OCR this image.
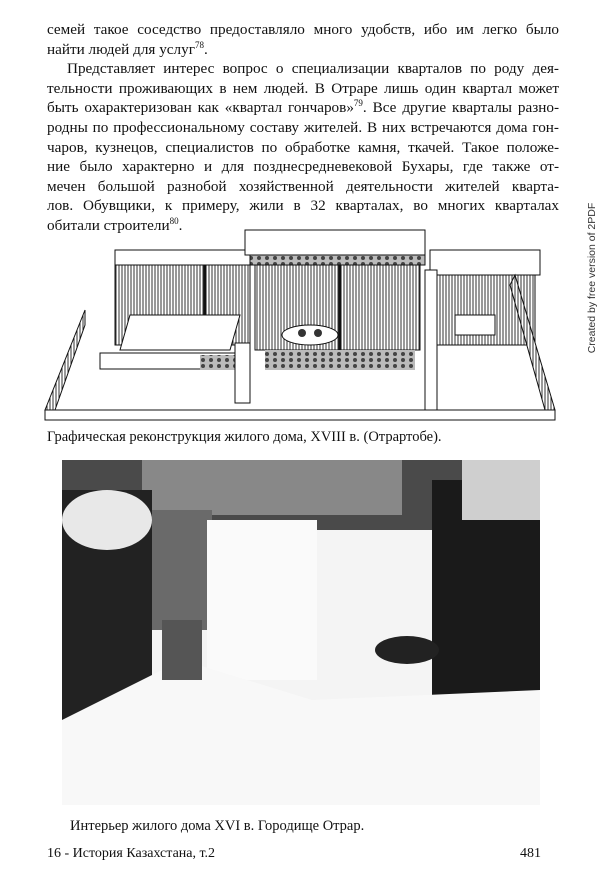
семей такое соседство предоставляло много удобств, ибо им легко было
найти людей для услуг$^{78}$.
Представляет интерес вопрос о специализации кварталов по роду дея-
тельности проживающих в нем людей. В Отраре лишь один квартал может
быть охарактеризован как «квартал гончаров»$^{79}$. Все другие кварталы разно-
родны по профессиональному составу жителей. В них встречаются дома гон-
чаров, кузнецов, специалистов по обработке камня, ткачей. Такое положе-
ние было характерно и для позднесредневековой Бухары, где также от-
мечен большой разнобой хозяйственной деятельности жителей кварта-
лов. Обувщики, к примеру, жили в 32 кварталах, во многих кварталах
обитали строители$^{80}$.
Графическая реконструкция жилого дома, XVIII в. (Отрартобе).
Интерьер жилого дома XVI в. Городище Отрар.
16 - История Казахстана, т.2	481
Created by free version of 2PDF
